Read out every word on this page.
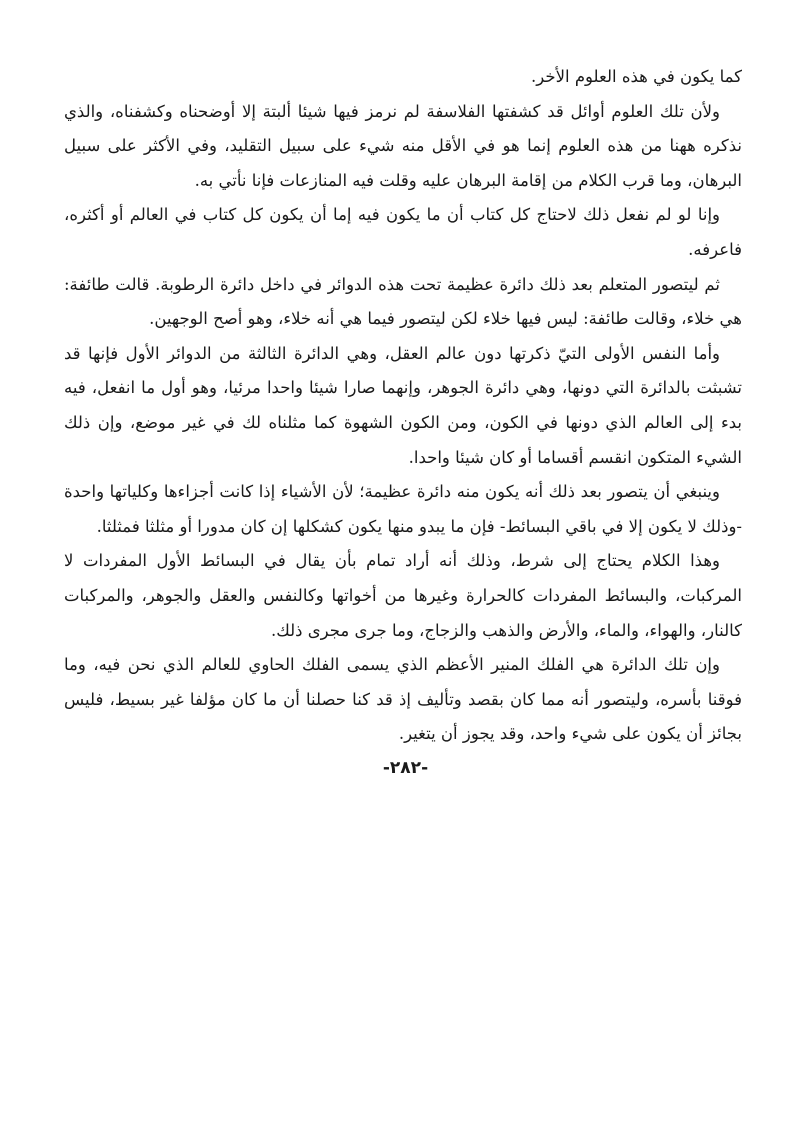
كما يكون في هذه العلوم الأخر.

ولأن تلك العلوم أوائل قد كشفتها الفلاسفة لم نرمز فيها شيئا ألبتة إلا أوضحناه وكشفناه، والذي نذكره ههنا من هذه العلوم إنما هو في الأقل منه شيء على سبيل التقليد، وفي الأكثر على سبيل البرهان، وما قرب الكلام من إقامة البرهان عليه وقلت فيه المنازعات فإنا نأتي به.

وإنا لو لم نفعل ذلك لاحتاج كل كتاب أن ما يكون فيه إما أن يكون كل كتاب في العالم أو أكثره، فاعرفه.

ثم ليتصور المتعلم بعد ذلك دائرة عظيمة تحت هذه الدوائر في داخل دائرة الرطوبة. قالت طائفة: هي خلاء، وقالت طائفة: ليس فيها خلاء لكن ليتصور فيما هي أنه خلاء، وهو أصح الوجهين.

وأما النفس الأولى التيّ ذكرتها دون عالم العقل، وهي الدائرة الثالثة من الدوائر الأول فإنها قد تشبثت بالدائرة التي دونها، وهي دائرة الجوهر، وإنهما صارا شيئا واحدا مرئيا، وهو أول ما انفعل، فيه بدء إلى العالم الذي دونها في الكون، ومن الكون الشهوة كما مثلناه لك في غير موضع، وإن ذلك الشيء المتكون انقسم أقساما أو كان شيئا واحدا.

وينبغي أن يتصور بعد ذلك أنه يكون منه دائرة عظيمة؛ لأن الأشياء إذا كانت أجزاءها وكلياتها واحدة -وذلك لا يكون إلا في باقي البسائط- فإن ما يبدو منها يكون كشكلها إن كان مدورا أو مثلثا فمثلثا.

وهذا الكلام يحتاج إلى شرط، وذلك أنه أراد تمام بأن يقال في البسائط الأول المفردات لا المركبات، والبسائط المفردات كالحرارة وغيرها من أخواتها وكالنفس والعقل والجوهر، والمركبات كالنار، والهواء، والماء، والأرض والذهب والزجاج، وما جرى مجرى ذلك.

وإن تلك الدائرة هي الفلك المنير الأعظم الذي يسمى الفلك الحاوي للعالم الذي نحن فيه، وما فوقنا بأسره، وليتصور أنه مما كان بقصد وتأليف إذ قد كنا حصلنا أن ما كان مؤلفا غير بسيط، فليس بجائز أن يكون على شيء واحد، وقد يجوز أن يتغير.

-٢٨٢-
